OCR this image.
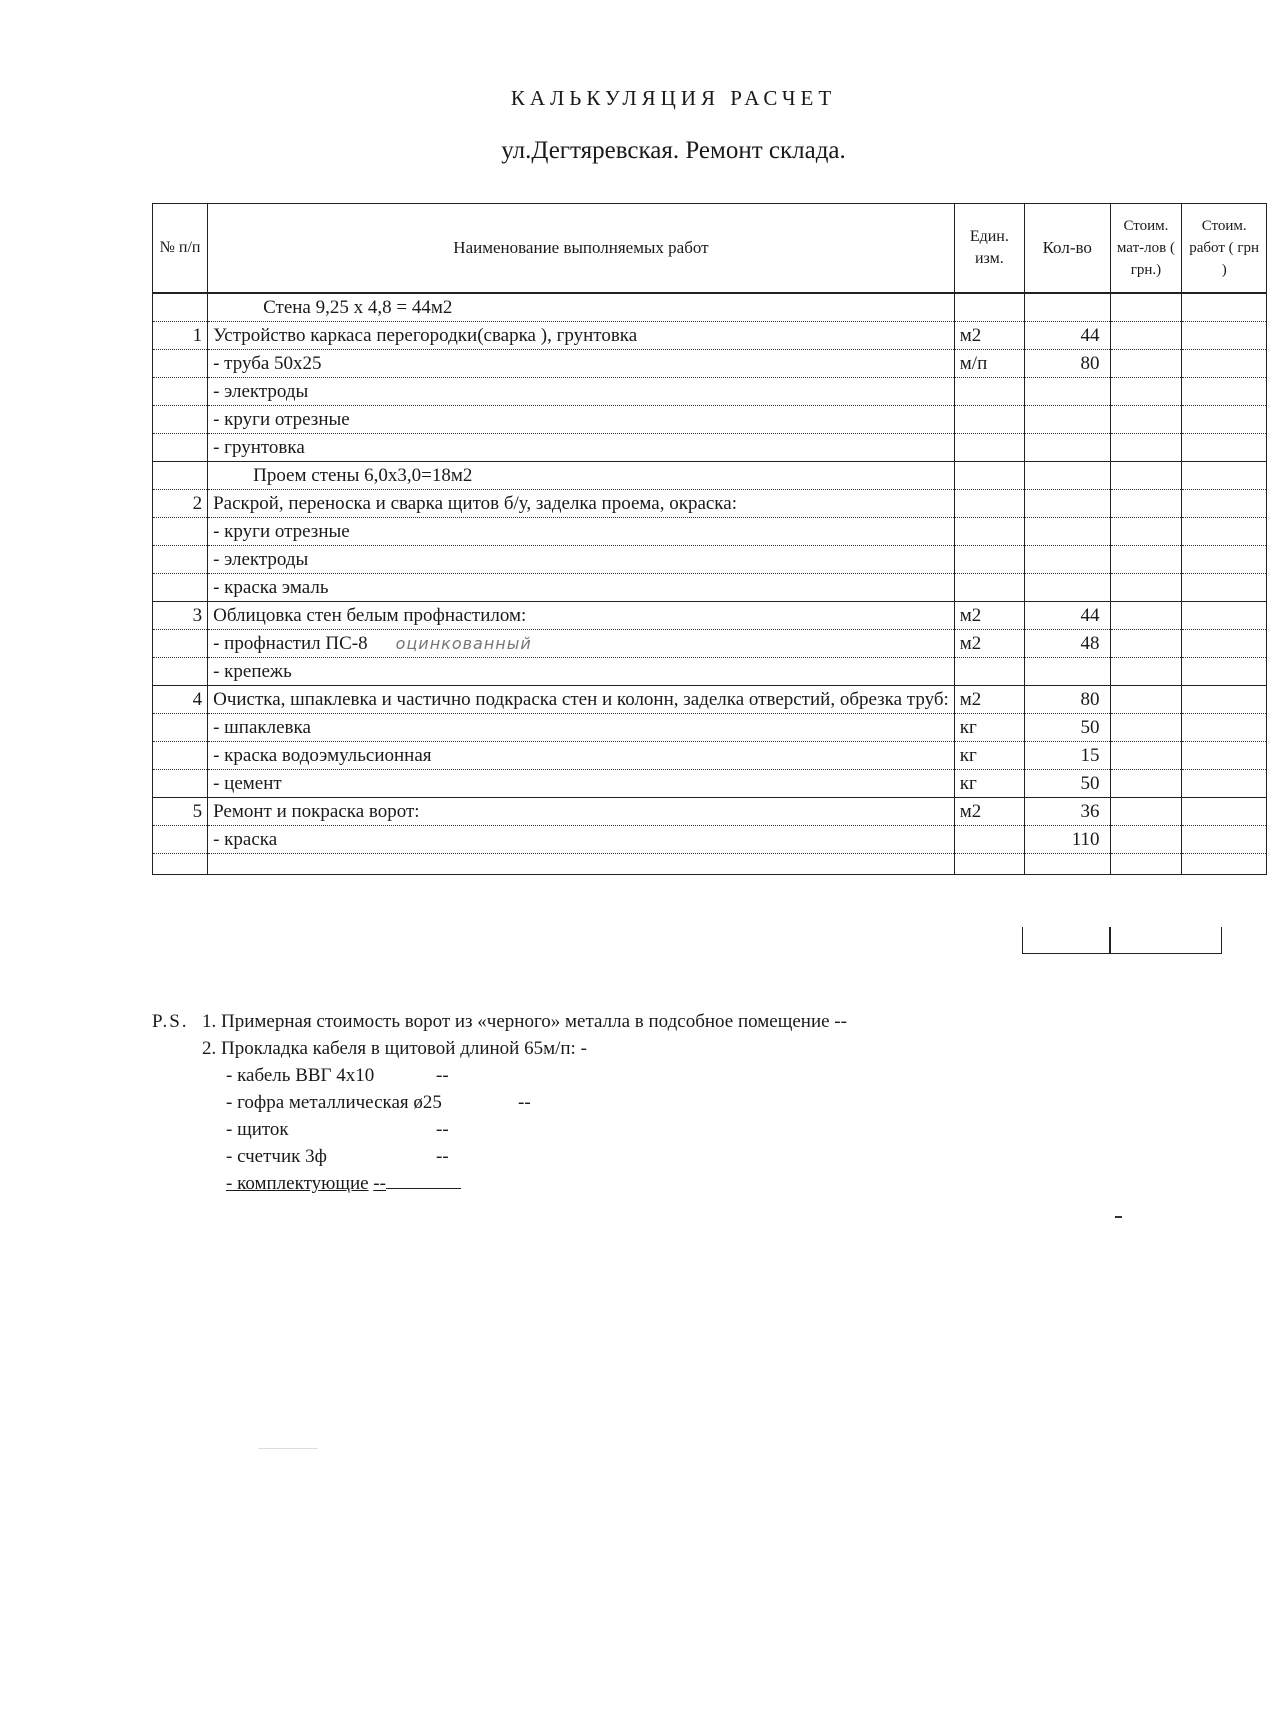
КАЛЬКУЛЯЦИЯ РАСЧЕТ
ул.Дегтяревская. Ремонт склада.
№ п/п	Наименование выполняемых работ	Един. изм.	Кол-во	Стоим. мат-лов ( грн.)	Стоим. работ ( грн )
	Стена 9,25 х 4,8 = 44м2				
1	Устройство каркаса перегородки(сварка ), грунтовка	м2	44		
	- труба 50х25	м/п	80		
	- электроды				
	- круги отрезные				
	- грунтовка				
	Проем стены 6,0х3,0=18м2				
2	Раскрой, переноска и сварка щитов б/у, заделка проема, окраска:				
	- круги отрезные				
	- электроды				
	- краска эмаль				
3	Облицовка стен белым профнастилом:	м2	44		
	- профнастил ПС-8 оцинкованный	м2	48		
	- крепежь				
4	Очистка, шпаклевка и частично подкраска стен и колонн, заделка отверстий, обрезка труб:	м2	80		
	- шпаклевка	кг	50		
	- краска водоэмульсионная	кг	15		
	- цемент	кг	50		
5	Ремонт и покраска ворот:	м2	36		
	- краска		110		

P.S. 1. Примерная стоимость ворот из «черного» металла в подсобное помещение --
2. Прокладка кабеля в щитовой длиной 65м/п: -
- кабель ВВГ 4х10	--
- гофра металлическая ø25	--
- щиток	--
- счетчик 3ф	--
- комплектующие --
